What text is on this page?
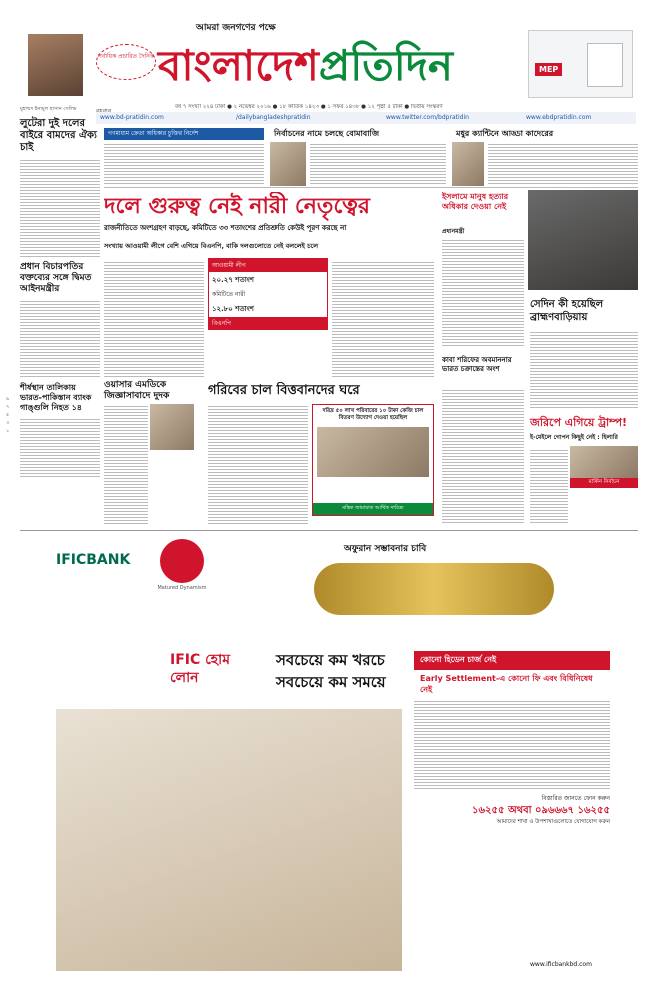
সর্বাধিক প্রচারিত দৈনিক
আমরা জনগণের পক্ষে
বাংলাদেশপ্রতিদিন
বর্ষ ৭ সংখ্যা ২২৪ ঢাকা ● ২ নভেম্বর ২০১৬ ● ১৮ কার্তিক ১৪২৩ ● ১ সফর ১৪৩৮ ● ১২ পৃষ্ঠা ৫ টাকা ● দ্বিতীয় সংস্করণ
MEP
www.bd-pratidin.com	/dailybangladeshpratidin	www.twitter.com/bdpratidin	www.ebdpratidin.com
মুহাম্মদ ইনামুল হাসান সেলিম
লুটেরা দুই দলের বাইরে বামদের ঐক্য চাই
প্রধান বিচারপতির বক্তব্যের সঙ্গে দ্বিমত আইনমন্ত্রীর
শীর্ষস্থান তালিকায় ভারত-পাকিস্তান ব্যাংক গাঙ্গুলি নিহত ১৪
গণমাধ্যম ক্রেতা অধিকার চুক্তির নির্দেশ	নির্বাচনের নামে চলছে বোমাবাজি	মধুর ক্যান্টিনে আড্ডা কাদেরের
দলে গুরুত্ব নেই নারী নেতৃত্বের
রাজনীতিতে অংশগ্রহণ বাড়ছে, কমিটিতে ৩৩ শতাংশের প্রতিশ্রুতি কেউই পূরণ করছে না
সংখ্যায় আওয়ামী লীগে বেশি এগিয়ে বিএনপি, বাকি দলগুলোতে নেই বললেই চলে
আওয়ামী লীগ
২০.২৭ শতাংশ
কমিটিতে নারী
১২.৮০ শতাংশ
বিএনপি
ওয়াসার এমডিকে জিজ্ঞাসাবাদে দুদক	গরিবের চাল বিত্তবানদের ঘরে
দরিদ্র ৫০ লাখ পরিবারের ১০ টাকা কেজি চাল বিতরণ উদ্যোগ দেওয়া হয়েছিল
মন্ত্রিক জামায়াত আর্থিক দারিদ্র্য
ইসলামে মানুষ হত্যার অধিকার দেওয়া নেই
প্রধানমন্ত্রী
সেদিন কী হয়েছিল ব্রাহ্মণবাড়িয়ায়
কাবা শরিফের অবমাননার ভারত চক্রান্তের অংশ
জরিপে এগিয়ে ট্রাম্প!
ই-মেইলে গোপন কিছুই নেই : হিলারি
মার্কিন নির্বাচন
৯ ৭ ৫ ৩ ১
IFICBANK
Matured Dynamism
অফুরান সম্ভাবনার চাবি
IFIC হোম লোন
সবচেয়ে কম খরচে
সবচেয়ে কম সময়ে
কোনো হিডেন চার্জ নেই
Early Settlement-এ কোনো ফি এবং বিধিনিষেধ নেই
বিস্তারিত জানতে ফোন করুন
১৬২৫৫ অথবা ০৯৬৬৬৭ ১৬২৫৫
আমাদের শাখা ও উপশাখাগুলোতে যোগাযোগ করুন
www.ificbankbd.com
